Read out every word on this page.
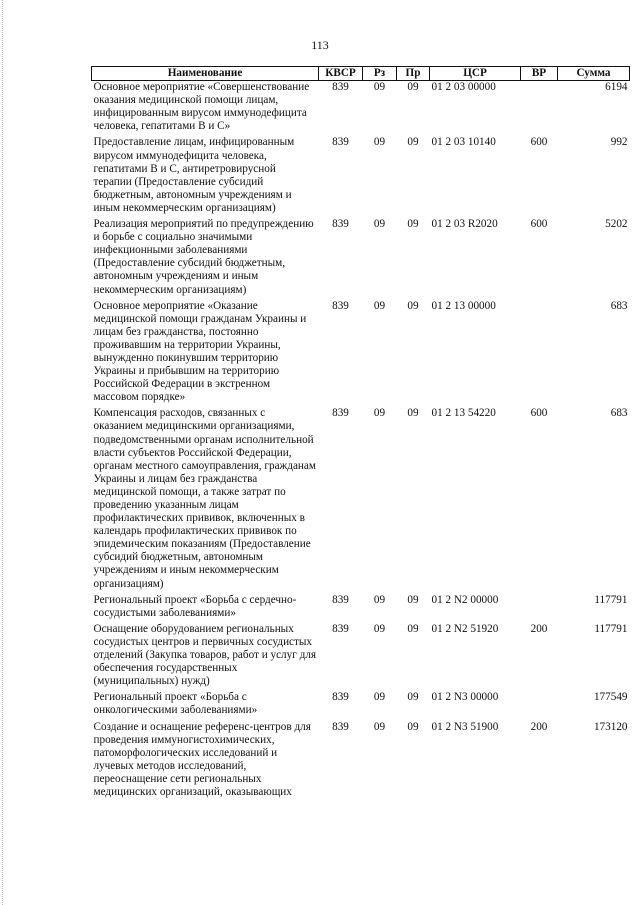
113
Наименование	КВСР	Рз	Пр	ЦСР	ВР	Сумма
Основное мероприятие «Совершенствование оказания медицинской помощи лицам, инфицированным вирусом иммунодефицита человека, гепатитами В и С»	839	09	09	01 2 03 00000		6194
Предоставление лицам, инфицированным вирусом иммунодефицита человека, гепатитами В и С, антиретровирусной терапии (Предоставление субсидий бюджетным, автономным учреждениям и иным некоммерческим организациям)	839	09	09	01 2 03 10140	600	992
Реализация мероприятий по предупреждению и борьбе с социально значимыми инфекционными заболеваниями (Предоставление субсидий бюджетным, автономным учреждениям и иным некоммерческим организациям)	839	09	09	01 2 03 R2020	600	5202
Основное мероприятие «Оказание медицинской помощи гражданам Украины и лицам без гражданства, постоянно проживавшим на территории Украины, вынужденно покинувшим территорию Украины и прибывшим на территорию Российской Федерации в экстренном массовом порядке»	839	09	09	01 2 13 00000		683
Компенсация расходов, связанных с оказанием медицинскими организациями, подведомственными органам исполнительной власти субъектов Российской Федерации, органам местного самоуправления, гражданам Украины и лицам без гражданства медицинской помощи, а также затрат по проведению указанным лицам профилактических прививок, включенных в календарь профилактических прививок по эпидемическим показаниям (Предоставление субсидий бюджетным, автономным учреждениям и иным некоммерческим организациям)	839	09	09	01 2 13 54220	600	683
Региональный проект «Борьба с сердечно-сосудистыми заболеваниями»	839	09	09	01 2 N2 00000		117791
Оснащение оборудованием региональных сосудистых центров и первичных сосудистых отделений (Закупка товаров, работ и услуг для обеспечения государственных (муниципальных) нужд)	839	09	09	01 2 N2 51920	200	117791
Региональный проект «Борьба с онкологическими заболеваниями»	839	09	09	01 2 N3 00000		177549
Создание и оснащение референс-центров для проведения иммуногистохимических, патоморфологических исследований и лучевых методов исследований, переоснащение сети региональных медицинских организаций, оказывающих	839	09	09	01 2 N3 51900	200	173120
